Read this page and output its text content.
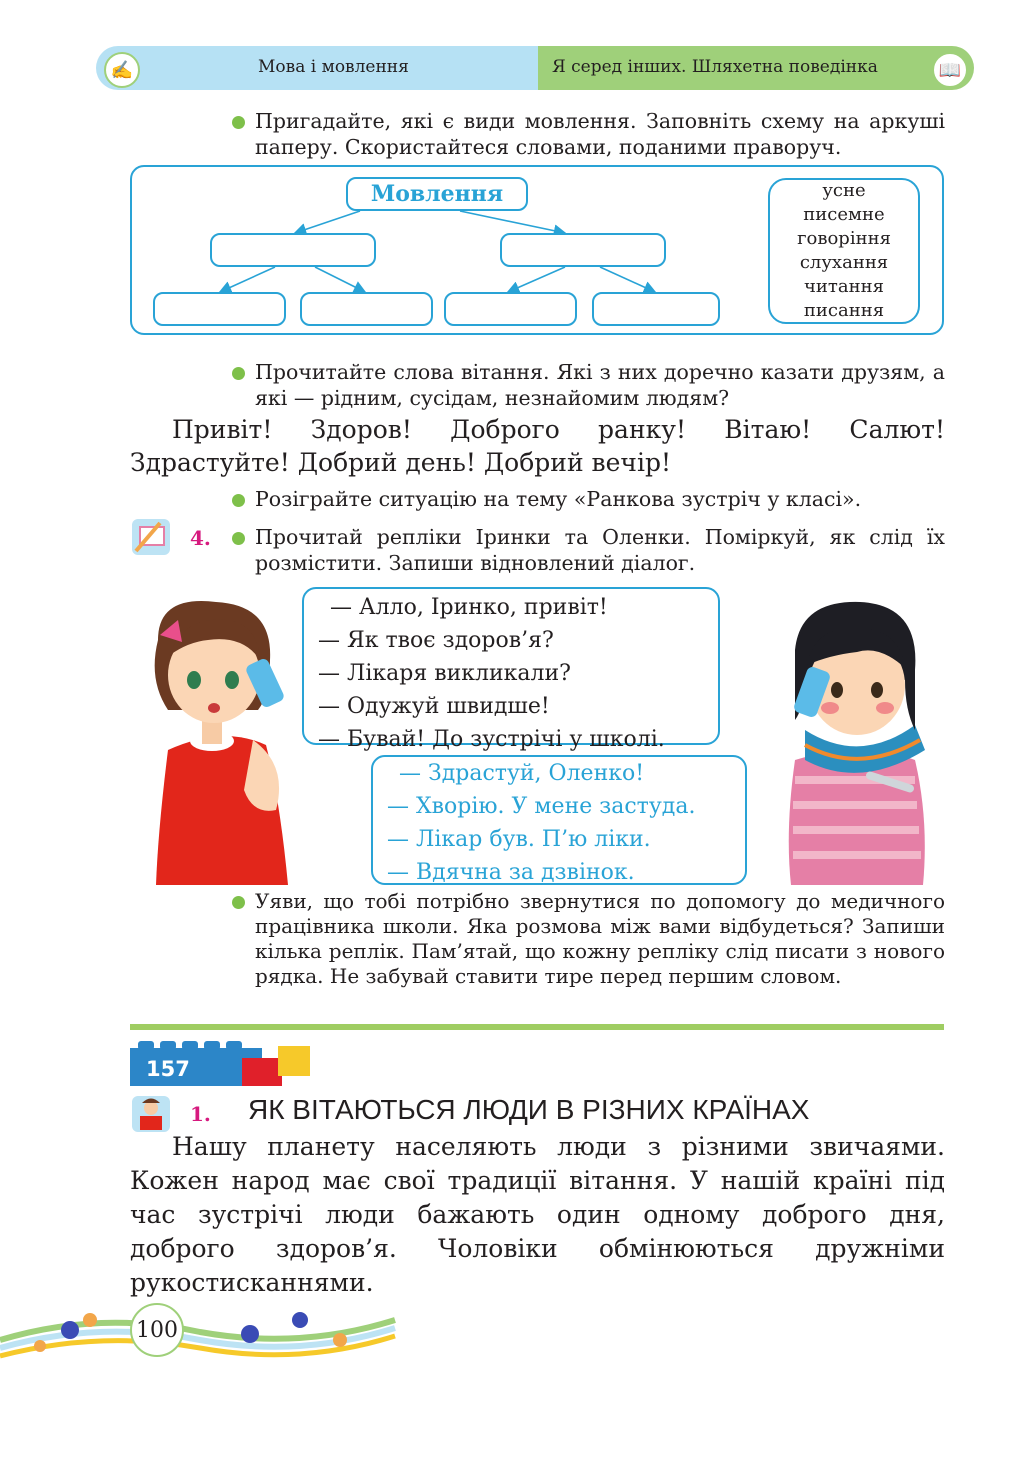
✍	📖
Мова і мовлення	Я серед інших. Шляхетна поведінка
Пригадайте, які є види мовлення. Заповніть схему на аркуші паперу. Скористайтеся словами, поданими праворуч.
Мовлення	усне
писемне
говоріння
слухання
читання
писання
Прочитайте слова вітання. Які з них доречно казати друзям, а які — рідним, сусідам, незнайомим людям?
Привіт! Здоров! Доброго ранку! Вітаю! Салют! Здрастуйте! Добрий день! Добрий вечір!
Розіграйте ситуацію на тему «Ранкова зустріч у класі».
4. Прочитай репліки Іринки та Оленки. Поміркуй, як слід їх розмістити. Запиши відновлений діалог.
— Алло, Іринко, привіт!
— Як твоє здоров’я?
— Лікаря викликали?
— Одужуй швидше!
— Бувай! До зустрічі у школі.
— Здрастуй, Оленко!
— Хворію. У мене застуда.
— Лікар був. П’ю ліки.
— Вдячна за дзвінок.
Уяви, що тобі потрібно звернутися по допомогу до медичного працівника школи. Яка розмова між вами відбудеться? Запиши кілька реплік. Пам’ятай, що кожну репліку слід писати з нового рядка. Не забувай ставити тире перед першим словом.
157
1. ЯК ВІТАЮТЬСЯ ЛЮДИ В РІЗНИХ КРАЇНАХ
Нашу планету населяють люди з різними звичаями. Кожен народ має свої традиції вітання. У нашій країні під час зустрічі люди бажають один одному доброго дня, доброго здоров’я. Чоловіки обмінюються дружніми рукостисканнями.
100
